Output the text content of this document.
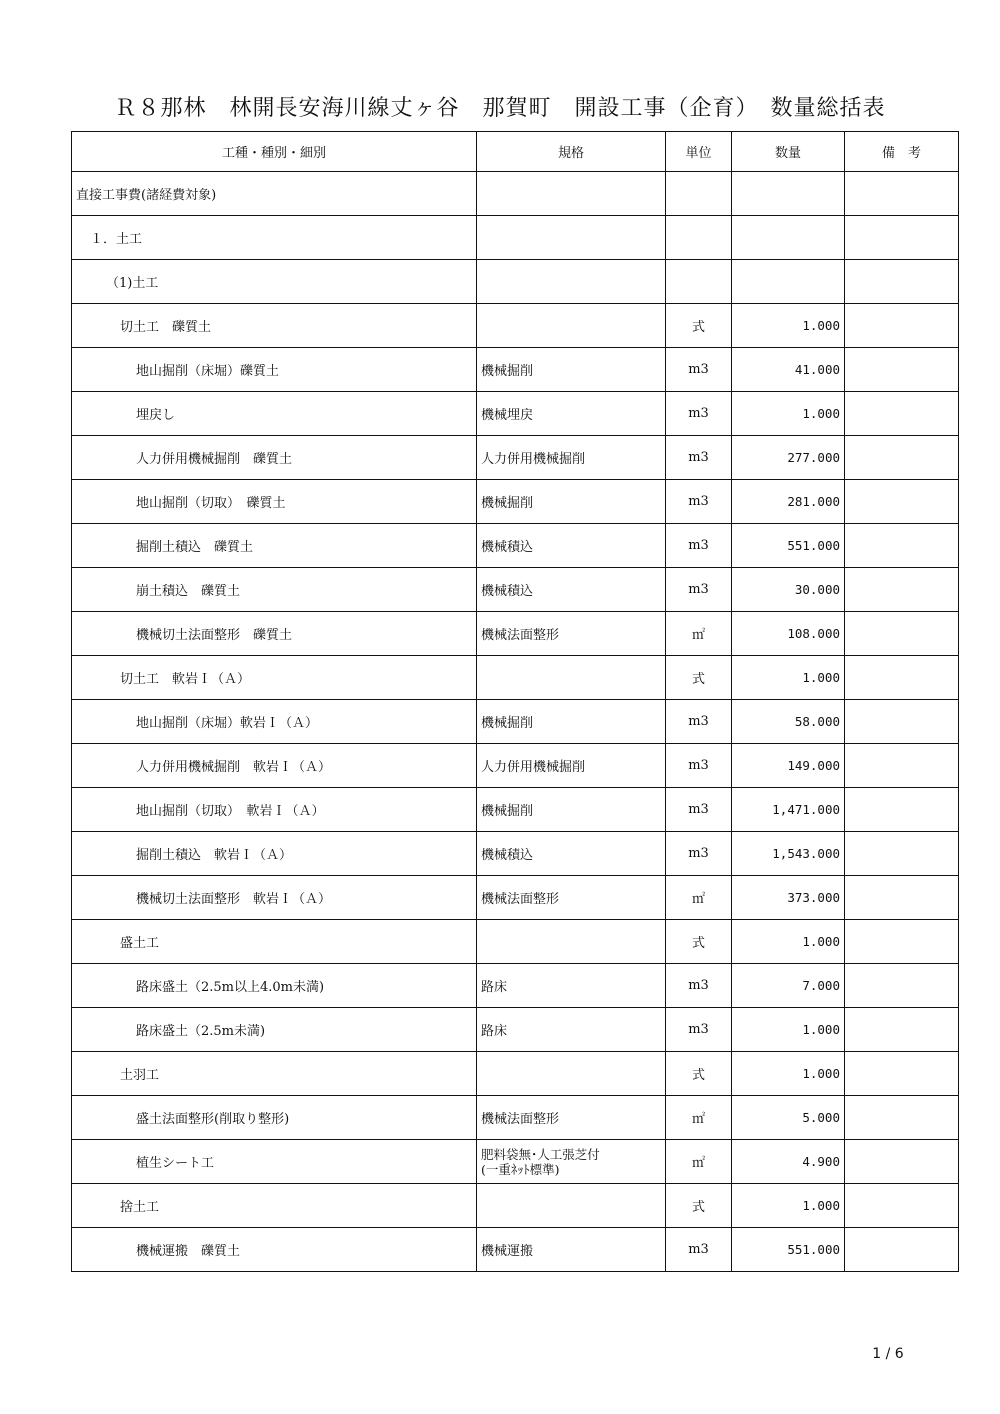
Ｒ８那林　林開長安海川線丈ヶ谷　那賀町　開設工事（企育）　数量総括表
工種・種別・細別	規格	単位	数量	備　考
直接工事費(諸経費対象)				
１．土工				
（1)土工				
切土工　礫質土		式	1.000	
地山掘削（床堀）礫質土	機械掘削	m3	41.000	
埋戻し	機械埋戻	m3	1.000	
人力併用機械掘削　礫質土	人力併用機械掘削	m3	277.000	
地山掘削（切取）　礫質土	機械掘削	m3	281.000	
掘削土積込　礫質土	機械積込	m3	551.000	
崩土積込　礫質土	機械積込	m3	30.000	
機械切土法面整形　礫質土	機械法面整形	㎡	108.000	
切土工　軟岩Ｉ（Ａ）		式	1.000	
地山掘削（床堀）軟岩Ｉ（Ａ）	機械掘削	m3	58.000	
人力併用機械掘削　軟岩Ｉ（Ａ）	人力併用機械掘削	m3	149.000	
地山掘削（切取）　軟岩Ｉ（Ａ）	機械掘削	m3	1,471.000	
掘削土積込　軟岩Ｉ（Ａ）	機械積込	m3	1,543.000	
機械切土法面整形　軟岩Ｉ（Ａ）	機械法面整形	㎡	373.000	
盛土工		式	1.000	
路床盛土（2.5m以上4.0m未満)	路床	m3	7.000	
路床盛土（2.5m未満)	路床	m3	1.000	
土羽工		式	1.000	
盛土法面整形(削取り整形)	機械法面整形	㎡	5.000	
植生シート工	肥料袋無･人工張芝付
(一重ﾈｯﾄ標準)	㎡	4.900	
捨土工		式	1.000	
機械運搬　礫質土	機械運搬	m3	551.000	
1 / 6
